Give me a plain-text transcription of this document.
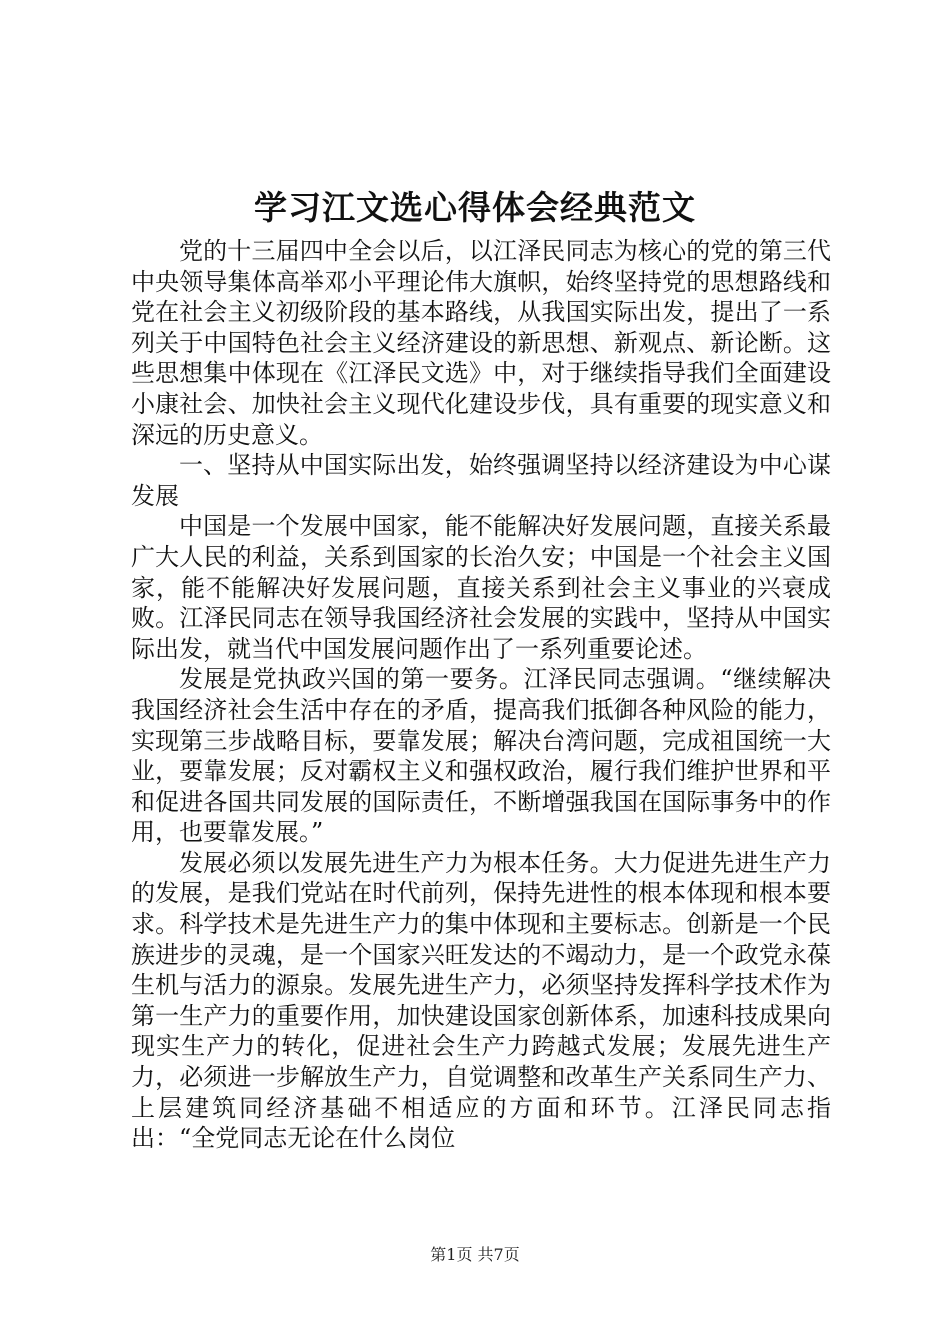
学习江文选心得体会经典范文

党的十三届四中全会以后，以江泽民同志为核心的党的第三代中央领导集体高举邓小平理论伟大旗帜，始终坚持党的思想路线和党在社会主义初级阶段的基本路线，从我国实际出发，提出了一系列关于中国特色社会主义经济建设的新思想、新观点、新论断。这些思想集中体现在《江泽民文选》中，对于继续指导我们全面建设小康社会、加快社会主义现代化建设步伐，具有重要的现实意义和深远的历史意义。

一、坚持从中国实际出发，始终强调坚持以经济建设为中心谋发展

中国是一个发展中国家，能不能解决好发展问题，直接关系最广大人民的利益，关系到国家的长治久安；中国是一个社会主义国家，能不能解决好发展问题，直接关系到社会主义事业的兴衰成败。江泽民同志在领导我国经济社会发展的实践中，坚持从中国实际出发，就当代中国发展问题作出了一系列重要论述。

发展是党执政兴国的第一要务。江泽民同志强调。“继续解决我国经济社会生活中存在的矛盾，提高我们抵御各种风险的能力，实现第三步战略目标，要靠发展；解决台湾问题，完成祖国统一大业，要靠发展；反对霸权主义和强权政治，履行我们维护世界和平和促进各国共同发展的国际责任，不断增强我国在国际事务中的作用，也要靠发展。”

发展必须以发展先进生产力为根本任务。大力促进先进生产力的发展，是我们党站在时代前列，保持先进性的根本体现和根本要求。科学技术是先进生产力的集中体现和主要标志。创新是一个民族进步的灵魂，是一个国家兴旺发达的不竭动力，是一个政党永葆生机与活力的源泉。发展先进生产力，必须坚持发挥科学技术作为第一生产力的重要作用，加快建设国家创新体系，加速科技成果向现实生产力的转化，促进社会生产力跨越式发展；发展先进生产力，必须进一步解放生产力，自觉调整和改革生产关系同生产力、上层建筑同经济基础不相适应的方面和环节。江泽民同志指出：“全党同志无论在什么岗位

第1页 共7页
